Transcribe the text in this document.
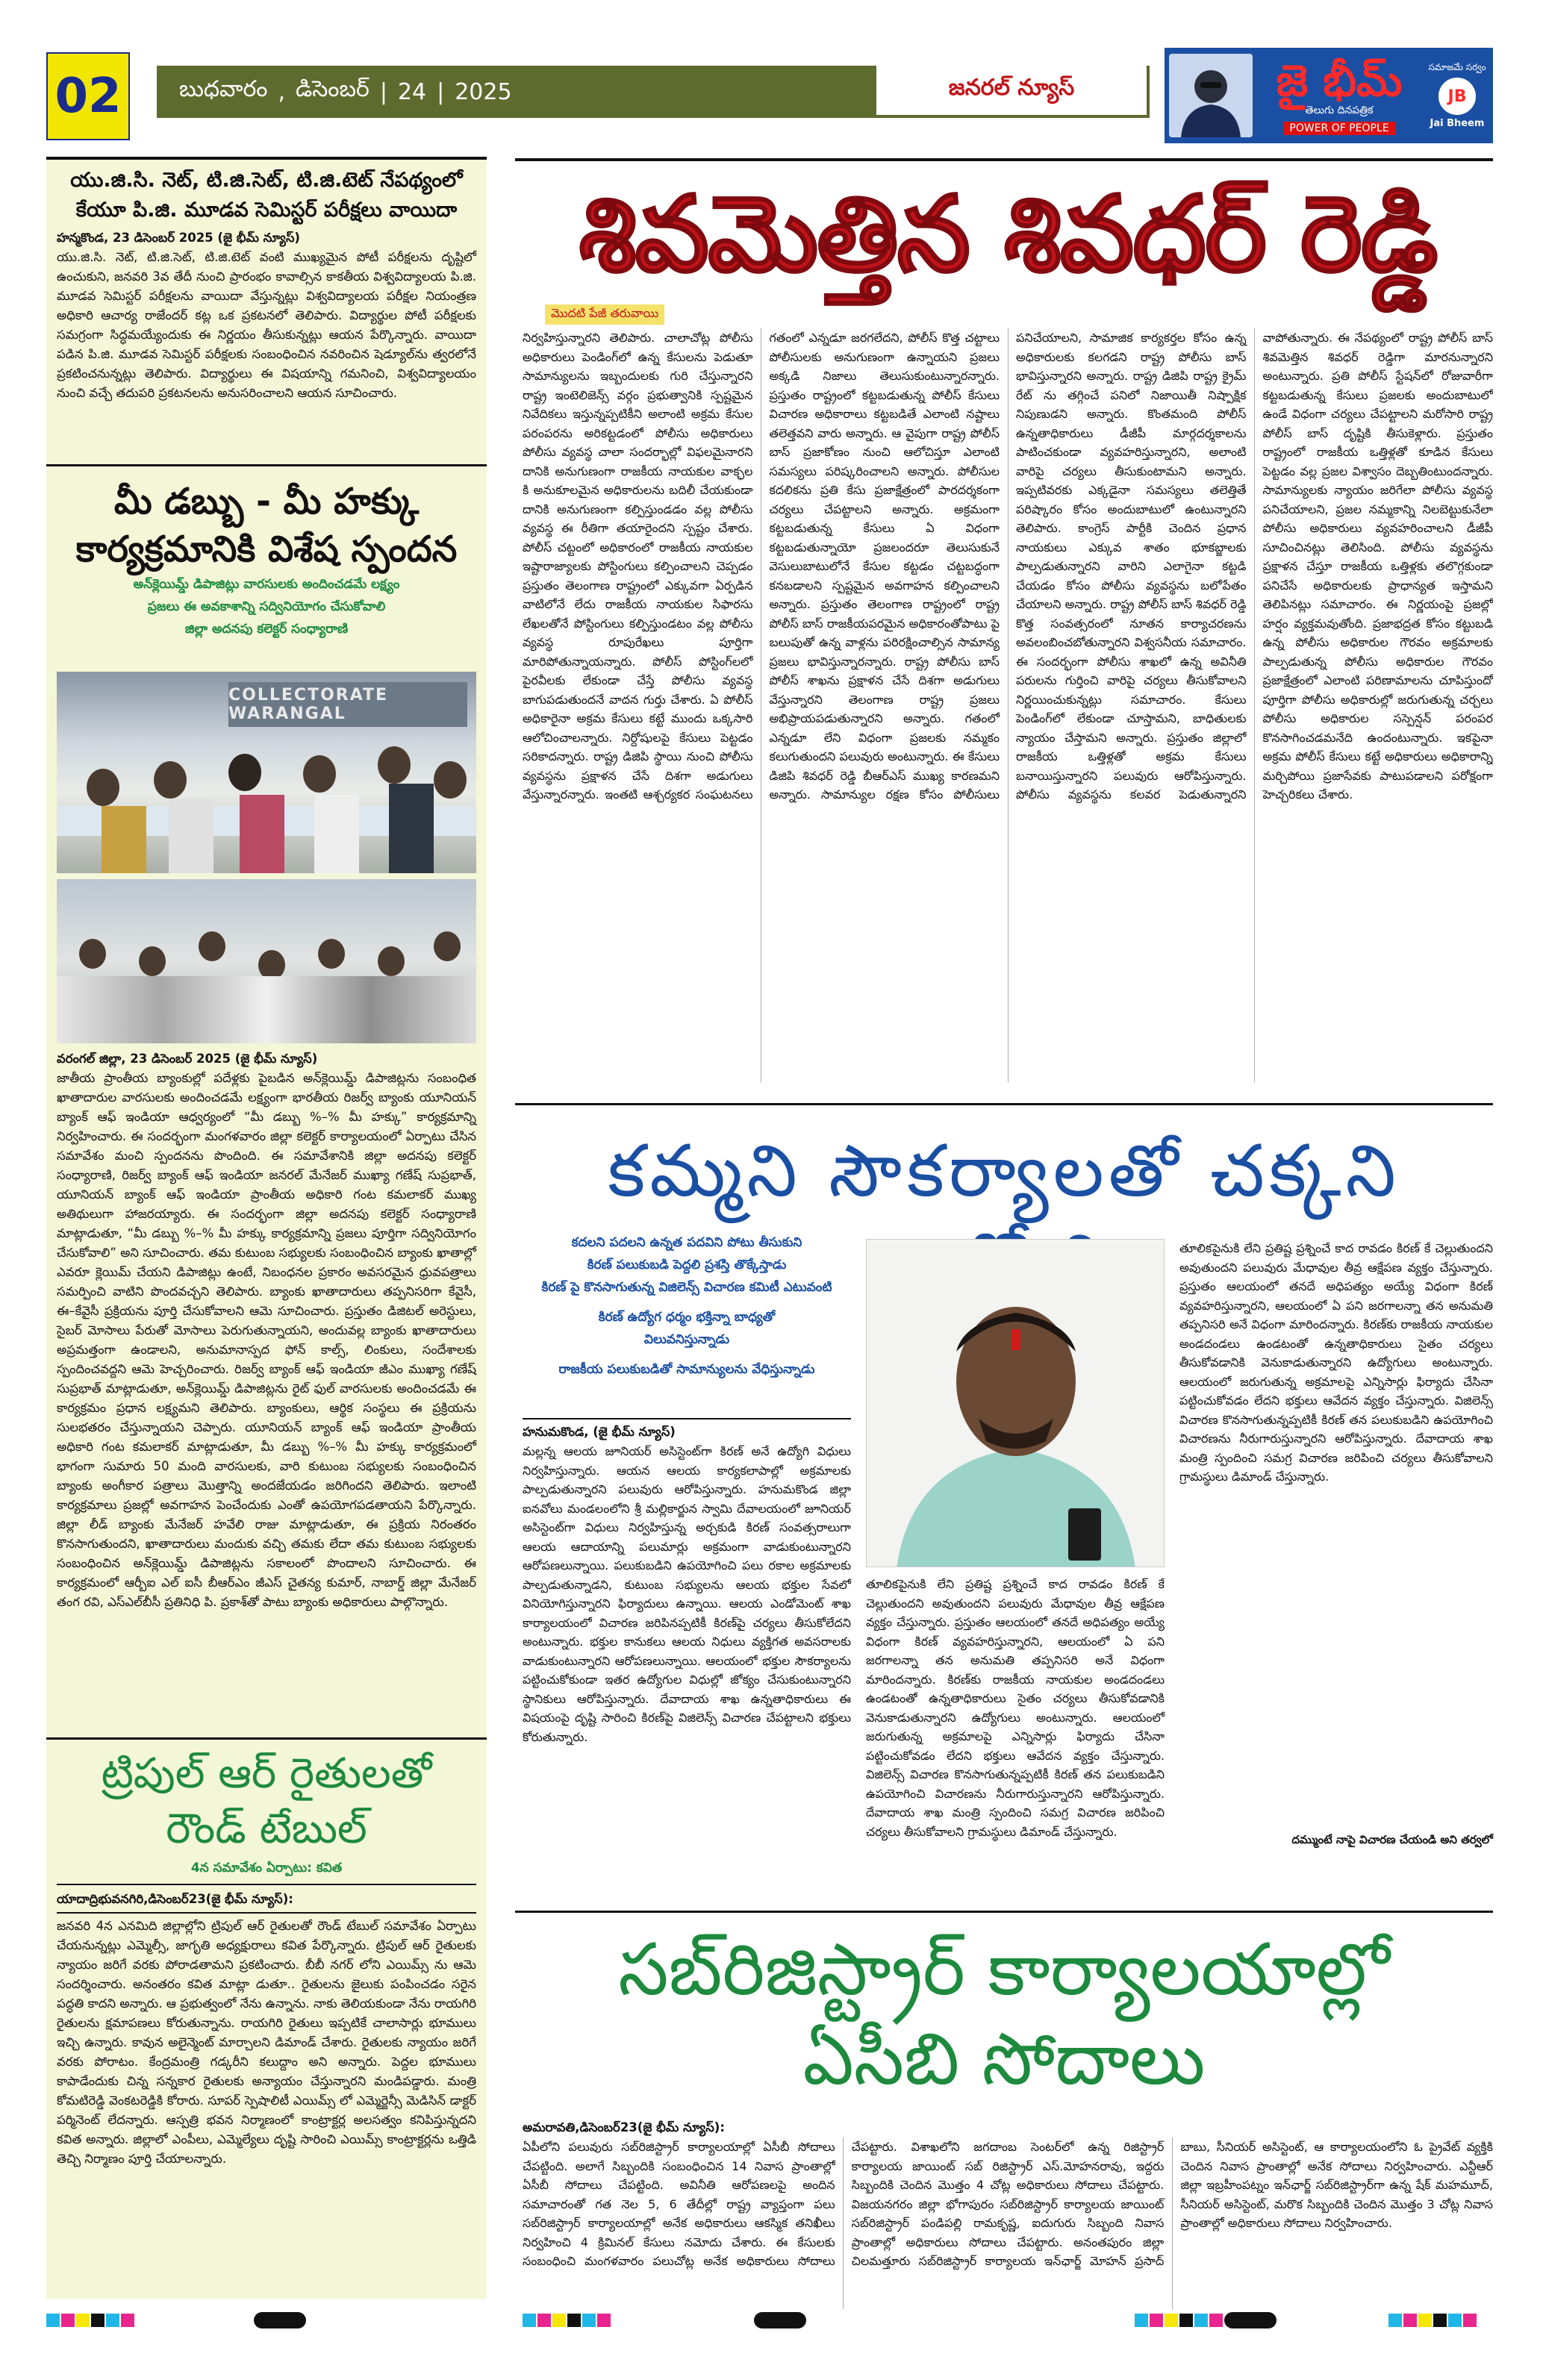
02	బుధవారం , డిసెంబర్ | 24 | 2025	జనరల్ న్యూస్	జై భీమ్
తెలుగు దినపత్రిక
POWER OF PEOPLE
సమాజమే సర్వం
JB
Jai Bheem
యు.జి.సి. నెట్, టి.జి.సెట్, టి.జి.టెట్ నేపథ్యంలో కేయూ పి.జి. మూడవ సెమిస్టర్ పరీక్షలు వాయిదా
హన్మకొండ, 23 డిసెంబర్ 2025 (జై భీమ్ న్యూస్)
యు.జి.సి. నెట్, టి.జి.సెట్, టి.జి.టెట్ వంటి ముఖ్యమైన పోటీ పరీక్షలను దృష్టిలో ఉంచుకుని, జనవరి 3వ తేదీ నుంచి ప్రారంభం కావాల్సిన కాకతీయ విశ్వవిద్యాలయ పి.జి. మూడవ సెమిస్టర్ పరీక్షలను వాయిదా వేస్తున్నట్లు విశ్వవిద్యాలయ పరీక్షల నియంత్రణ అధికారి ఆచార్య రాజేందర్ కట్ల ఒక ప్రకటనలో తెలిపారు. విద్యార్థుల పోటీ పరీక్షలకు సమగ్రంగా సిద్ధమయ్యేందుకు ఈ నిర్ణయం తీసుకున్నట్లు ఆయన పేర్కొన్నారు. వాయిదా పడిన పి.జి. మూడవ సెమిస్టర్ పరీక్షలకు సంబంధించిన నవరించిన షెడ్యూల్‌ను త్వరలోనే ప్రకటించనున్నట్లు తెలిపారు. విద్యార్థులు ఈ విషయాన్ని గమనించి, విశ్వవిద్యాలయం నుంచి వచ్చే తదుపరి ప్రకటనలను అనుసరించాలని ఆయన సూచించారు.
మీ డబ్బు - మీ హక్కు
కార్యక్రమానికి విశేష స్పందన
అన్‌క్లెయిమ్డ్ డిపాజిట్లు వారసులకు అందించడమే లక్ష్యం
ప్రజలు ఈ అవకాశాన్ని సద్వినియోగం చేసుకోవాలి
జిల్లా అదనపు కలెక్టర్ సంధ్యారాణి
COLLECTORATE WARANGAL
వరంగల్ జిల్లా, 23 డిసెంబర్ 2025 (జై భీమ్ న్యూస్)
జాతీయ ప్రాంతీయ బ్యాంకుల్లో పదేళ్లకు పైబడిన అన్‌క్లెయిమ్డ్ డిపాజిట్లను సంబంధిత ఖాతాదారుల వారసులకు అందించడమే లక్ష్యంగా భారతీయ రిజర్వ్ బ్యాంకు యూనియన్ బ్యాంక్ ఆఫ్ ఇండియా ఆధ్వర్యంలో “మీ డబ్బు %–% మీ హక్కు” కార్యక్రమాన్ని నిర్వహించారు. ఈ సందర్భంగా మంగళవారం జిల్లా కలెక్టర్ కార్యాలయంలో ఏర్పాటు చేసిన సమావేశం మంచి స్పందనను పొందింది. ఈ సమావేశానికి జిల్లా అదనపు కలెక్టర్ సంధ్యారాణి, రిజర్వ్ బ్యాంక్ ఆఫ్ ఇండియా జనరల్ మేనేజర్ ముఖ్యా గణేష్ సుప్రభాత్, యూనియన్ బ్యాంక్ ఆఫ్ ఇండియా ప్రాంతీయ అధికారి గంట కమలాకర్ ముఖ్య అతిథులుగా హాజరయ్యారు. ఈ సందర్భంగా జిల్లా అదనపు కలెక్టర్ సంధ్యారాణి మాట్లాడుతూ, “మీ డబ్బు %–% మీ హక్కు కార్యక్రమాన్ని ప్రజలు పూర్తిగా సద్వినియోగం చేసుకోవాలి” అని సూచించారు. తమ కుటుంబ సభ్యులకు సంబంధించిన బ్యాంకు ఖాతాల్లో ఎవరూ క్లెయిమ్ చేయని డిపాజిట్లు ఉంటే, నిబంధనల ప్రకారం అవసరమైన ధ్రువపత్రాలు సమర్పించి వాటిని పొందవచ్చని తెలిపారు. బ్యాంకు ఖాతాదారులు తప్పనిసరిగా కేవైసీ, ఈ–కేవైసీ ప్రక్రియను పూర్తి చేసుకోవాలని ఆమె సూచించారు. ప్రస్తుతం డిజిటల్ అరెస్టులు, సైబర్ మోసాలు పేరుతో మోసాలు పెరుగుతున్నాయని, అందువల్ల బ్యాంకు ఖాతాదారులు అప్రమత్తంగా ఉండాలని, అనుమానాస్పద ఫోన్ కాల్స్, లింకులు, సందేశాలకు స్పందించవద్దని ఆమె హెచ్చరించారు. రిజర్వ్ బ్యాంక్ ఆఫ్ ఇండియా జీఎం ముఖ్యా గణేష్ సుప్రభాత్ మాట్లాడుతూ, అన్‌క్లెయిమ్డ్ డిపాజిట్లను రైట్ ఫుల్ వారసులకు అందించడమే ఈ కార్యక్రమం ప్రధాన లక్ష్యమని తెలిపారు. బ్యాంకులు, ఆర్థిక సంస్థలు ఈ ప్రక్రియను సులభతరం చేస్తున్నాయని చెప్పారు. యూనియన్ బ్యాంక్ ఆఫ్ ఇండియా ప్రాంతీయ అధికారి గంట కమలాకర్ మాట్లాడుతూ, మీ డబ్బు %–% మీ హక్కు కార్యక్రమంలో భాగంగా సుమారు 50 మంది వారసులకు, వారి కుటుంబ సభ్యులకు సంబంధించిన బ్యాంకు అంగీకార పత్రాలు మొత్తాన్ని అందజేయడం జరిగిందని తెలిపారు. ఇలాంటి కార్యక్రమాలు ప్రజల్లో అవగాహన పెంచేందుకు ఎంతో ఉపయోగపడతాయని పేర్కొన్నారు. జిల్లా లీడ్ బ్యాంకు మేనేజర్ హవేలి రాజు మాట్లాడుతూ, ఈ ప్రక్రియ నిరంతరం కొనసాగుతుందని, ఖాతాదారులు మందుకు వచ్చి తమకు లేదా తమ కుటుంబ సభ్యులకు సంబంధించిన అన్‌క్లెయిమ్డ్ డిపాజిట్లను సకాలంలో పొందాలని సూచించారు. ఈ కార్యక్రమంలో ఆర్బీఐ ఎల్ ఐసీ బీఆర్ఎం జీఎస్ చైతన్య కుమార్, నాబార్డ్ జిల్లా మేనేజర్ తంగ రవి, ఎస్‌ఎల్‌బీసీ ప్రతినిధి పి. ప్రకాశ్‌తో పాటు బ్యాంకు అధికారులు పాల్గొన్నారు.
ట్రిపుల్ ఆర్ రైతులతో
రౌండ్ టేబుల్
4న సమావేశం ఏర్పాటు: కవిత
యాదాద్రిభువనగిరి,డిసెంబర్23(జై భీమ్ న్యూస్):
జనవరి 4న ఎనమిది జిల్లాల్లోని ట్రిపుల్ ఆర్ రైతులతో రౌండ్ టేబుల్ సమావేశం ఏర్పాటు చేయనున్నట్లు ఎమ్మెల్సీ, జాగృతి అధ్యక్షురాలు కవిత పేర్కొన్నారు. ట్రిపుల్ ఆర్ రైతులకు న్యాయం జరిగే వరకు పోరాడతామని ప్రకటించారు. బీబీ నగర్ లోని ఎయిమ్స్ ను ఆమె సందర్శించారు. అనంతరం కవిత మాట్లా డుతూ.. రైతులను జైలుకు పంపించడం సరైన పద్ధతి కాదని అన్నారు. ఆ ప్రభుత్వంలో నేను ఉన్నాను. నాకు తెలియకుండా నేను రాయగిరి రైతులను క్షమాపణలు కోరుతున్నాను. రాయగిరి రైతులు ఇప్పటికే చాలాసార్లు భూములు ఇచ్చి ఉన్నారు. కావున అలైన్మెంట్ మార్చాలని డిమాండ్ చేశారు. రైతులకు న్యాయం జరిగే వరకు పోరాటం. కేంద్రమంత్రి గడ్కరీని కలుద్దాం అని అన్నారు. పెద్దల భూములు కాపాడేందుకు చిన్న సన్నకార రైతులకు అన్యాయం చేస్తున్నారని మండిపడ్డారు. మంత్రి కోమటిరెడ్డి వెంకటరెడ్డికి కోరారు. సూపర్ స్పెషాలిటీ ఎయిమ్స్ లో ఎమ్మెర్జెన్సీ మెడిసిన్ డాక్టర్ పర్మినెంట్ లేదన్నారు. ఆస్పత్రి భవన నిర్మాణంలో కాంట్రాక్టర్ల అలసత్వం కనిపిస్తున్నదని కవిత అన్నారు. జిల్లాలో ఎంపీలు, ఎమ్మెల్యేలు దృష్టి సారించి ఎయిమ్స్ కాంట్రాక్టర్లను ఒత్తిడి తెచ్చి నిర్మాణం పూర్తి చేయాలన్నారు.
శివమెత్తిన శివధర్ రెడ్డి
మొదటి పేజీ తరువాయి
నిర్వహిస్తున్నారని తెలిపారు. చాలాచోట్ల పోలీసు అధికారులు పెండింగ్‌లో ఉన్న కేసులను పెడుతూ సామాన్యులను ఇబ్బందులకు గురి చేస్తున్నారని రాష్ట్ర ఇంటెలిజెన్స్ వర్గం ప్రభుత్వానికి స్పష్టమైన నివేదికలు ఇస్తున్నప్పటికీని అలాంటి అక్రమ కేసుల పరంపరను అరికట్టడంలో పోలీసు అధికారులు పోలీసు వ్యవస్థ చాలా సందర్భాల్లో విఫలమైనారని దానికి అనుగుణంగా రాజకీయ నాయకుల వాక్ఛల కి అనుకూలమైన అధికారులను బదిలీ చేయకుండా దానికి అనుగుణంగా కల్పిస్తుండడం వల్ల పోలీసు వ్యవస్థ ఈ రీతిగా తయారైందని స్పష్టం చేశారు. పోలీస్ చట్టంలో అధికారంలో రాజకీయ నాయకుల ఇష్టారాజ్యాలకు పోస్టింగులు కల్పించాలని చెప్పడం ప్రస్తుతం తెలంగాణ రాష్ట్రంలో ఎక్కువగా ఏర్పడిన వాటిలోనే లేదు రాజకీయ నాయకుల సిఫారసు లేఖలతోనే పోస్టింగులు కల్పిస్తుండటం వల్ల పోలీసు వ్యవస్థ రూపురేఖలు పూర్తిగా మారిపోతున్నాయన్నారు. పోలీస్ పోస్టింగ్‌లలో పైరవీలకు లేకుండా చేస్తే పోలీసు వ్యవస్థ బాగుపడుతుందనే వాదన గుర్తు చేశారు. ఏ పోలీస్ అధికారైనా అక్రమ కేసులు కట్టే ముందు ఒక్కసారి ఆలోచించాలన్నారు. నిర్దోషులపై కేసులు పెట్టడం సరికాదన్నారు. రాష్ట్ర డిజిపి స్థాయి నుంచి పోలీసు వ్యవస్థను ప్రక్షాళన చేసే దిశగా అడుగులు వేస్తున్నారన్నారు. ఇంతటి ఆశ్చర్యకర సంఘటనలు గతంలో ఎన్నడూ జరగలేదని, పోలీస్ కొత్త చట్టాలు పోలీసులకు అనుగుణంగా ఉన్నాయని ప్రజలు అక్కడి నిజాలు తెలుసుకుంటున్నారన్నారు. ప్రస్తుతం రాష్ట్రంలో కట్టబడుతున్న పోలీస్ కేసులు విచారణ అధికారాలు కట్టబడితే ఎలాంటి నష్టాలు తలెత్తవని వారు అన్నారు. ఆ వైపుగా రాష్ట్ర పోలీస్ బాస్ ప్రజాకోణం నుంచి ఆలోచిస్తూ ఎలాంటి సమస్యలు పరిష్కరించాలని అన్నారు. పోలీసుల కదలికను ప్రతి కేసు ప్రజాక్షేత్రంలో పారదర్శకంగా చర్యలు చేపట్టాలని అన్నారు. అక్రమంగా కట్టబడుతున్న కేసులు ఏ విధంగా కట్టబడుతున్నాయో ప్రజలందరూ తెలుసుకునే వెసులుబాటులోనే కేసుల కట్టడం చట్టబద్ధంగా కనబడాలని స్పష్టమైన అవగాహన కల్పించాలని అన్నారు. ప్రస్తుతం తెలంగాణ రాష్ట్రంలో రాష్ట్ర పోలీస్ బాస్ రాజకీయపరమైన అధికారంతోపాటు పై బలుపుతో ఉన్న వాళ్లను పరిరక్షించాల్సిన సామాన్య ప్రజలు భావిస్తున్నారన్నారు. రాష్ట్ర పోలీసు బాస్ పోలీస్ శాఖను ప్రక్షాళన చేసే దిశగా అడుగులు వేస్తున్నారని తెలంగాణ రాష్ట్ర ప్రజలు అభిప్రాయపడుతున్నారని అన్నారు. గతంలో ఎన్నడూ లేని విధంగా ప్రజలకు నమ్మకం కలుగుతుందని పలువురు అంటున్నారు. ఈ కేసులు డిజిపి శివధర్ రెడ్డి బీఆర్ఎస్ ముఖ్య కారణమని అన్నారు. సామాన్యుల రక్షణ కోసం పోలీసులు పనిచేయాలని, సామాజిక కార్యకర్తల కోసం ఉన్న అధికారులకు కలగడని రాష్ట్ర పోలీసు బాస్ భావిస్తున్నారని అన్నారు. రాష్ట్ర డిజిపి రాష్ట్ర క్రైమ్ రేట్ ను తగ్గించే పనిలో నిజాయితీ నిష్పాక్షిక నిపుణుడని అన్నారు. కొంతమంది పోలీస్ ఉన్నతాధికారులు డీజీపీ మార్గదర్శకాలను పాటించకుండా వ్యవహరిస్తున్నారని, అలాంటి వారిపై చర్యలు తీసుకుంటామని అన్నారు. ఇప్పటివరకు ఎక్కడైనా సమస్యలు తలెత్తితే పరిష్కారం కోసం అందుబాటులో ఉంటున్నారని తెలిపారు. కాంగ్రెస్ పార్టీకి చెందిన ప్రధాన నాయకులు ఎక్కువ శాతం భూకబ్జాలకు పాల్పడుతున్నారని వారిని ఎలాగైనా కట్టడి చేయడం కోసం పోలీసు వ్యవస్థను బలోపేతం చేయాలని అన్నారు. రాష్ట్ర పోలీస్ బాస్ శివధర్ రెడ్డి కొత్త సంవత్సరంలో నూతన కార్యాచరణను అవలంబించబోతున్నారని విశ్వసనీయ సమాచారం. ఈ సందర్భంగా పోలీసు శాఖలో ఉన్న అవినీతి పరులను గుర్తించి వారిపై చర్యలు తీసుకోవాలని నిర్ణయించుకున్నట్లు సమాచారం. కేసులు పెండింగ్‌లో లేకుండా చూస్తామని, బాధితులకు న్యాయం చేస్తామని అన్నారు. ప్రస్తుతం జిల్లాలో రాజకీయ ఒత్తిళ్లతో అక్రమ కేసులు బనాయిస్తున్నారని పలువురు ఆరోపిస్తున్నారు. పోలీసు వ్యవస్థను కలవర పెడుతున్నారని వాపోతున్నారు. ఈ నేపథ్యంలో రాష్ట్ర పోలీస్ బాస్ శివమెత్తిన శివధర్ రెడ్డిగా మారనున్నారని అంటున్నారు. ప్రతి పోలీస్ స్టేషన్‌లో రోజువారీగా కట్టబడుతున్న కేసులు ప్రజలకు అందుబాటులో ఉండే విధంగా చర్యలు చేపట్టాలని మరోసారి రాష్ట్ర పోలీస్ బాస్ దృష్టికి తీసుకెళ్లారు. ప్రస్తుతం రాష్ట్రంలో రాజకీయ ఒత్తిళ్లతో కూడిన కేసులు పెట్టడం వల్ల ప్రజల విశ్వాసం దెబ్బతింటుందన్నారు. సామాన్యులకు న్యాయం జరిగేలా పోలీసు వ్యవస్థ పనిచేయాలని, ప్రజల నమ్మకాన్ని నిలబెట్టుకునేలా పోలీసు అధికారులు వ్యవహరించాలని డీజీపీ సూచించినట్లు తెలిసింది. పోలీసు వ్యవస్థను ప్రక్షాళన చేస్తూ రాజకీయ ఒత్తిళ్లకు తలొగ్గకుండా పనిచేసే అధికారులకు ప్రాధాన్యత ఇస్తామని తెలిపినట్లు సమాచారం. ఈ నిర్ణయంపై ప్రజల్లో హర్షం వ్యక్తమవుతోంది. ప్రజాభద్రత కోసం కట్టుబడి ఉన్న పోలీసు అధికారుల గౌరవం అక్రమాలకు పాల్పడుతున్న పోలీసు అధికారుల గౌరవం ప్రజాక్షేత్రంలో ఎలాంటి పరిణామాలను చూపిస్తుందో పూర్తిగా పోలీసు అధికారుల్లో జరుగుతున్న చర్చలు పోలీసు అధికారుల సస్పెన్షన్ పరంపర కొనసాగించడమనేది ఉందంటున్నారు. ఇకపైనా అక్రమ పోలీస్ కేసులు కట్టే అధికారులు అధికారాన్ని మర్చిపోయి ప్రజాసేవకు పాటుపడాలని పరోక్షంగా హెచ్చరికలు చేశారు.
కమ్మని సౌకర్యాలతో చక్కని
కదలని పదలని ఉన్నత పదవిని పోటు తీసుకుని
కిరణ్ పలుకుబడి పెద్దలి ప్రశస్తి తొక్కేస్తాడు
కిరణ్ పై కొనసాగుతున్న విజిలెన్స్ విచారణ కమిటీ ఎటువంటి
కిరణ్ ఉద్యోగ ధర్మం భక్తిన్నా బాధ్యతో
విలువనిస్తున్నాడు
రాజకీయ పలుకుబడితో సామాన్యులను వేధిస్తున్నాడు
హనుమకొండ, (జై భీమ్ న్యూస్)
మల్లన్న ఆలయ జూనియర్ అసిస్టెంట్‌గా కిరణ్ అనే ఉద్యోగి విధులు నిర్వహిస్తున్నారు. ఆయన ఆలయ కార్యకలాపాల్లో అక్రమాలకు పాల్పడుతున్నారని పలువురు ఆరోపిస్తున్నారు. హనుమకొండ జిల్లా ఐనవోలు మండలంలోని శ్రీ మల్లికార్జున స్వామి దేవాలయంలో జూనియర్ అసిస్టెంట్‌గా విధులు నిర్వహిస్తున్న అర్చకుడి కిరణ్ సంవత్సరాలుగా ఆలయ ఆదాయాన్ని పలుమార్లు అక్రమంగా వాడుకుంటున్నారని ఆరోపణలున్నాయి. పలుకుబడిని ఉపయోగించి పలు రకాల అక్రమాలకు పాల్పడుతున్నాడని, కుటుంబ సభ్యులను ఆలయ భక్తుల సేవలో వినియోగిస్తున్నారని ఫిర్యాదులు ఉన్నాయి. ఆలయ ఎండోమెంట్ శాఖ కార్యాలయంలో విచారణ జరిపినప్పటికీ కిరణ్‌పై చర్యలు తీసుకోలేదని అంటున్నారు. భక్తుల కానుకలు ఆలయ నిధులు వ్యక్తిగత అవసరాలకు వాడుకుంటున్నారని ఆరోపణలున్నాయి. ఆలయంలో భక్తుల సౌకర్యాలను పట్టించుకోకుండా ఇతర ఉద్యోగుల విధుల్లో జోక్యం చేసుకుంటున్నారని స్థానికులు ఆరోపిస్తున్నారు. దేవాదాయ శాఖ ఉన్నతాధికారులు ఈ విషయంపై దృష్టి సారించి కిరణ్‌పై విజిలెన్స్ విచారణ చేపట్టాలని భక్తులు కోరుతున్నారు.
తూలికపైనుకి లేని ప్రతిష్ట ప్రశ్నించే కాద రావడం కిరణ్ కే చెల్లుతుందని అవుతుందని పలువురు మేధావుల తీవ్ర ఆక్షేపణ వ్యక్తం చేస్తున్నారు. ప్రస్తుతం ఆలయంలో తనదే అధిపత్యం అయ్యే విధంగా కిరణ్ వ్యవహరిస్తున్నారని, ఆలయంలో ఏ పని జరగాలన్నా తన అనుమతి తప్పనిసరి అనే విధంగా మారిందన్నారు. కిరణ్‌కు రాజకీయ నాయకుల అండదండలు ఉండటంతో ఉన్నతాధికారులు సైతం చర్యలు తీసుకోవడానికి వెనుకాడుతున్నారని ఉద్యోగులు అంటున్నారు. ఆలయంలో జరుగుతున్న అక్రమాలపై ఎన్నిసార్లు ఫిర్యాదు చేసినా పట్టించుకోవడం లేదని భక్తులు ఆవేదన వ్యక్తం చేస్తున్నారు. విజిలెన్స్ విచారణ కొనసాగుతున్నప్పటికీ కిరణ్ తన పలుకుబడిని ఉపయోగించి విచారణను నీరుగారుస్తున్నారని ఆరోపిస్తున్నారు. దేవాదాయ శాఖ మంత్రి స్పందించి సమగ్ర విచారణ జరిపించి చర్యలు తీసుకోవాలని గ్రామస్థులు డిమాండ్ చేస్తున్నారు.
తూలికపైనుకి లేని ప్రతిష్ట ప్రశ్నించే కాద రావడం కిరణ్ కే చెల్లుతుందని అవుతుందని పలువురు మేధావుల తీవ్ర ఆక్షేపణ వ్యక్తం చేస్తున్నారు. ప్రస్తుతం ఆలయంలో తనదే అధిపత్యం అయ్యే విధంగా కిరణ్ వ్యవహరిస్తున్నారని, ఆలయంలో ఏ పని జరగాలన్నా తన అనుమతి తప్పనిసరి అనే విధంగా మారిందన్నారు. కిరణ్‌కు రాజకీయ నాయకుల అండదండలు ఉండటంతో ఉన్నతాధికారులు సైతం చర్యలు తీసుకోవడానికి వెనుకాడుతున్నారని ఉద్యోగులు అంటున్నారు. ఆలయంలో జరుగుతున్న అక్రమాలపై ఎన్నిసార్లు ఫిర్యాదు చేసినా పట్టించుకోవడం లేదని భక్తులు ఆవేదన వ్యక్తం చేస్తున్నారు. విజిలెన్స్ విచారణ కొనసాగుతున్నప్పటికీ కిరణ్ తన పలుకుబడిని ఉపయోగించి విచారణను నీరుగారుస్తున్నారని ఆరోపిస్తున్నారు. దేవాదాయ శాఖ మంత్రి స్పందించి సమగ్ర విచారణ జరిపించి చర్యలు తీసుకోవాలని గ్రామస్థులు డిమాండ్ చేస్తున్నారు.
దమ్ముంటే నాపై విచారణ చేయండి అని తర్వలో
సబ్‌రిజిస్ట్రార్ కార్యాలయాల్లో
ఏసీబి సోదాలు
అమరావతి,డిసెంబర్23(జై భీమ్ న్యూస్):
ఏపీలోని పలువురు సబ్‌రిజిస్ట్రార్ కార్యాలయాల్లో ఏసీబీ సోదాలు చేపట్టింది. అలాగే సిబ్బందికి సంబంధించిన 14 నివాస ప్రాంతాల్లో ఏసీబీ సోదాలు చేపట్టింది. అవినీతి ఆరోపణలపై అందిన సమాచారంతో గత నెల 5, 6 తేదీల్లో రాష్ట్ర వ్యాప్తంగా పలు సబ్‌రిజిస్ట్రార్ కార్యాలయాల్లో అనేక అధికారులు ఆకస్మిక తనిఖీలు నిర్వహించి 4 క్రిమినల్ కేసులు నమోదు చేశారు. ఈ కేసులకు సంబంధించి మంగళవారం పలుచోట్ల అనేక అధికారులు సోదాలు చేపట్టారు. విశాఖలోని జగదాంబ సెంటర్‌లో ఉన్న రిజిస్ట్రార్ కార్యాలయ జాయింట్ సబ్ రిజిస్ట్రార్ ఎస్.మోహనరావు, ఇద్దరు సిబ్బందికి చెందిన మొత్తం 4 చోట్ల అధికారులు సోదాలు చేపట్టారు. విజయనగరం జిల్లా భోగాపురం సబ్‌రిజిస్ట్రార్ కార్యాలయ జాయింట్ సబ్‌రిజిస్ట్రార్ పండిపల్లి రామకృష్ణ, ఐదుగురు సిబ్బంది నివాస ప్రాంతాల్లో అధికారులు సోదాలు చేపట్టారు. అనంతపురం జిల్లా చిలమత్తూరు సబ్‌రిజిస్ట్రార్ కార్యాలయ ఇన్‌ఛార్జ్ మోహన్ ప్రసాద్ బాబు, సీనియర్ అసిస్టెంట్, ఆ కార్యాలయంలోని ఓ ప్రైవేట్ వ్యక్తికి చెందిన నివాస ప్రాంతాల్లో అనేక సోదాలు నిర్వహించారు. ఎన్టీఆర్ జిల్లా ఇబ్రహీంపట్నం ఇన్‌ఛార్జ్ సబ్‌రిజిస్ట్రార్‌గా ఉన్న షేక్ మహమూద్, సీనియర్ అసిస్టెంట్, మరొక సిబ్బందికి చెందిన మొత్తం 3 చోట్ల నివాస ప్రాంతాల్లో అధికారులు సోదాలు నిర్వహించారు.
